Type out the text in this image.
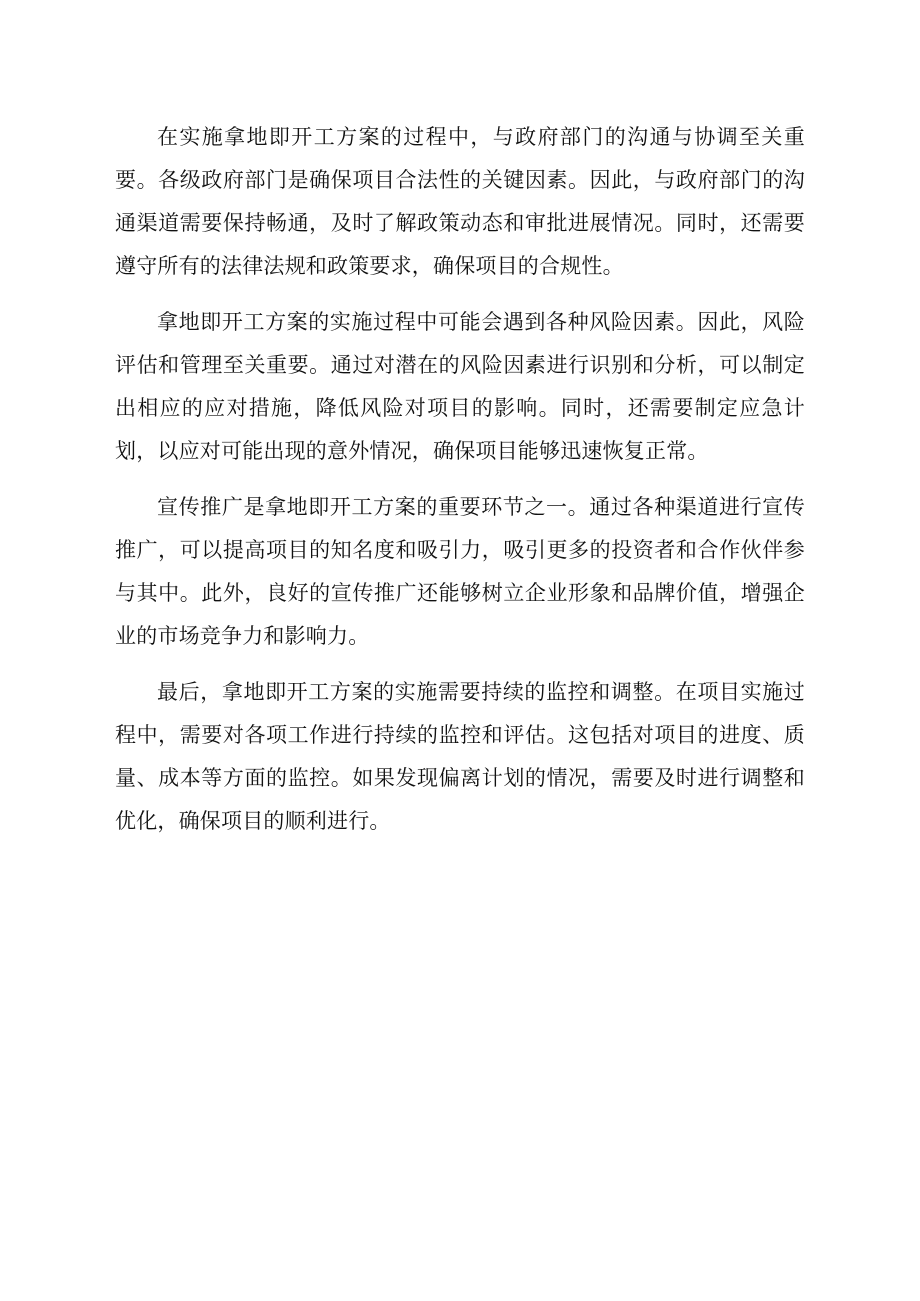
在实施拿地即开工方案的过程中，与政府部门的沟通与协调至关重要。各级政府部门是确保项目合法性的关键因素。因此，与政府部门的沟通渠道需要保持畅通，及时了解政策动态和审批进展情况。同时，还需要遵守所有的法律法规和政策要求，确保项目的合规性。

拿地即开工方案的实施过程中可能会遇到各种风险因素。因此，风险评估和管理至关重要。通过对潜在的风险因素进行识别和分析，可以制定出相应的应对措施，降低风险对项目的影响。同时，还需要制定应急计划，以应对可能出现的意外情况，确保项目能够迅速恢复正常。

宣传推广是拿地即开工方案的重要环节之一。通过各种渠道进行宣传推广，可以提高项目的知名度和吸引力，吸引更多的投资者和合作伙伴参与其中。此外，良好的宣传推广还能够树立企业形象和品牌价值，增强企业的市场竞争力和影响力。

最后，拿地即开工方案的实施需要持续的监控和调整。在项目实施过程中，需要对各项工作进行持续的监控和评估。这包括对项目的进度、质量、成本等方面的监控。如果发现偏离计划的情况，需要及时进行调整和优化，确保项目的顺利进行。
